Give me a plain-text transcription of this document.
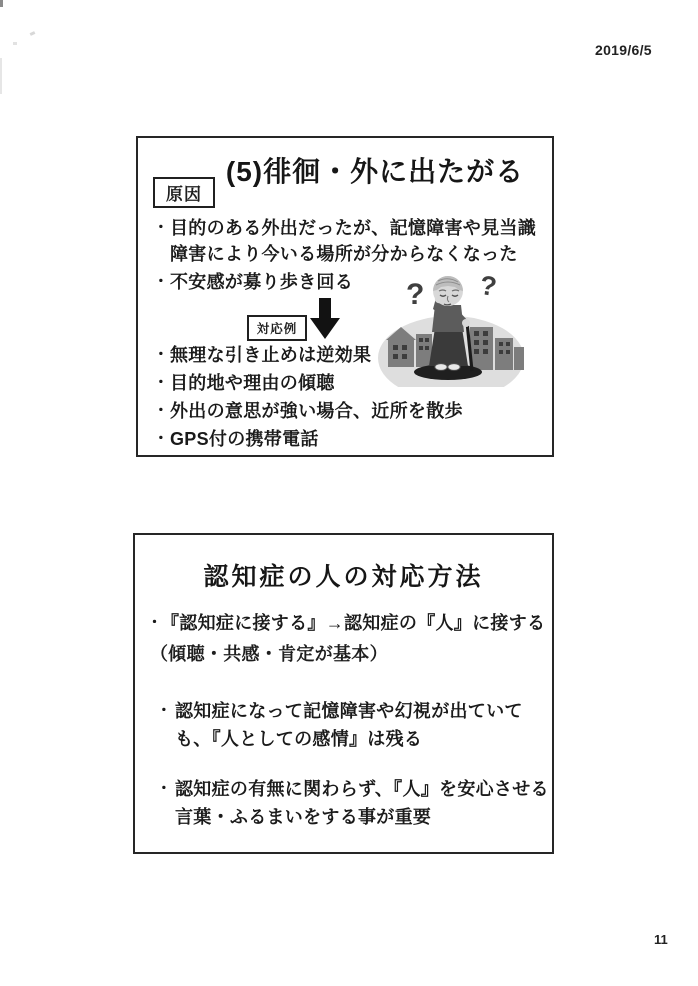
2019/6/5
(5)徘徊・外に出たがる
原因
・ 目的のある外出だったが、記憶障害や見当識
障害により今いる場所が分からなくなった
・ 不安感が募り歩き回る
対応例
・ 無理な引き止めは逆効果
・ 目的地や理由の傾聴
・ 外出の意思が強い場合、近所を散歩
・ GPS付の携帯電話
? ?
認知症の人の対応方法
・
『認知症に接する』→認知症の『人』に接する
（傾聴・共感・肯定が基本）
・ 認知症になって記憶障害や幻視が出ていて
も、『人としての感情』は残る
・ 認知症の有無に関わらず、『人』を安心させる
言葉・ふるまいをする事が重要
11
